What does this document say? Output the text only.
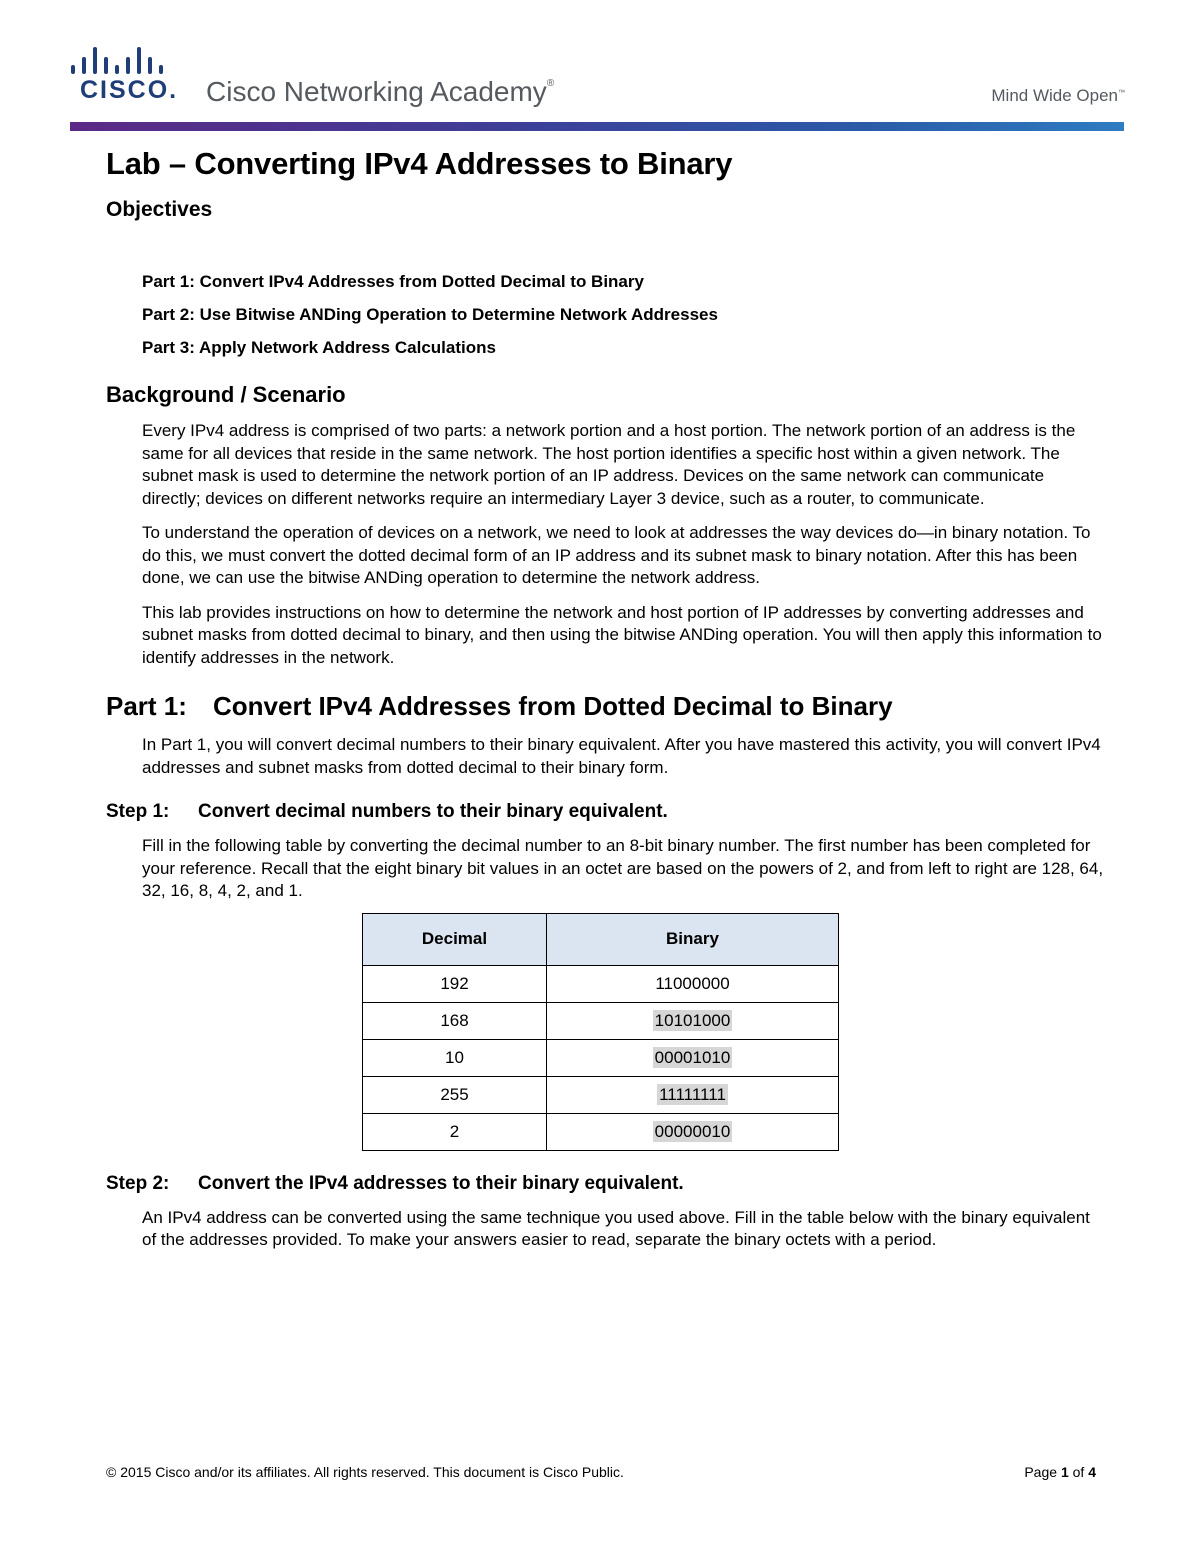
CISCO. Cisco Networking Academy®
Mind Wide Open™
Lab – Converting IPv4 Addresses to Binary
Objectives

Part 1: Convert IPv4 Addresses from Dotted Decimal to Binary

Part 2: Use Bitwise ANDing Operation to Determine Network Addresses

Part 3: Apply Network Address Calculations

Background / Scenario

Every IPv4 address is comprised of two parts: a network portion and a host portion. The network portion of an address is the same for all devices that reside in the same network. The host portion identifies a specific host within a given network. The subnet mask is used to determine the network portion of an IP address. Devices on the same network can communicate directly; devices on different networks require an intermediary Layer 3 device, such as a router, to communicate.

To understand the operation of devices on a network, we need to look at addresses the way devices do—in binary notation. To do this, we must convert the dotted decimal form of an IP address and its subnet mask to binary notation. After this has been done, we can use the bitwise ANDing operation to determine the network address.

This lab provides instructions on how to determine the network and host portion of IP addresses by converting addresses and subnet masks from dotted decimal to binary, and then using the bitwise ANDing operation. You will then apply this information to identify addresses in the network.

Part 1: Convert IPv4 Addresses from Dotted Decimal to Binary

In Part 1, you will convert decimal numbers to their binary equivalent. After you have mastered this activity, you will convert IPv4 addresses and subnet masks from dotted decimal to their binary form.

Step 1: Convert decimal numbers to their binary equivalent.

Fill in the following table by converting the decimal number to an 8-bit binary number. The first number has been completed for your reference. Recall that the eight binary bit values in an octet are based on the powers of 2, and from left to right are 128, 64, 32, 16, 8, 4, 2, and 1.

Decimal	Binary
192	11000000
168	10101000
10	00001010
255	11111111
2	00000010
Step 2: Convert the IPv4 addresses to their binary equivalent.

An IPv4 address can be converted using the same technique you used above. Fill in the table below with the binary equivalent of the addresses provided. To make your answers easier to read, separate the binary octets with a period.

© 2015 Cisco and/or its affiliates. All rights reserved. This document is Cisco Public.	Page 1 of 4
